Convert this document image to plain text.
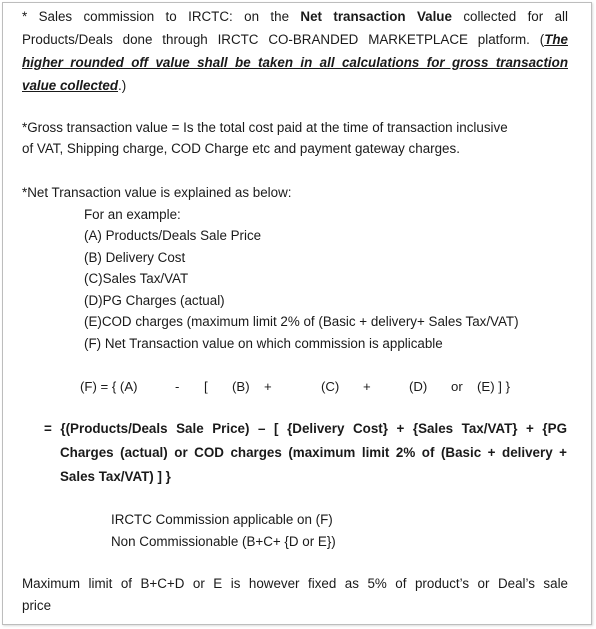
* Sales commission to IRCTC: on the Net transaction Value collected for all
Products/Deals done through IRCTC CO-BRANDED MARKETPLACE platform. (The
higher rounded off value shall be taken in all calculations for gross transaction
value collected.)
*Gross transaction value = Is the total cost paid at the time of transaction inclusive
of VAT, Shipping charge, COD Charge etc and payment gateway charges.
*Net Transaction value is explained as below:
For an example:
(A) Products/Deals Sale Price
(B) Delivery Cost
(C)Sales Tax/VAT
(D)PG Charges (actual)
(E)COD charges (maximum limit 2% of (Basic + delivery+ Sales Tax/VAT)
(F) Net Transaction value on which commission is applicable
(F) = { (A)	- [ (B) +	(C) +	(D) or (E) ] }
= {(Products/Deals Sale Price) – [ {Delivery Cost} + {Sales Tax/VAT} + {PG
Charges (actual) or COD charges (maximum limit 2% of (Basic + delivery +
Sales Tax/VAT) ] }
IRCTC Commission applicable on (F)
Non Commissionable (B+C+ {D or E})
Maximum limit of B+C+D or E is however fixed as 5% of product’s or Deal’s sale
price
